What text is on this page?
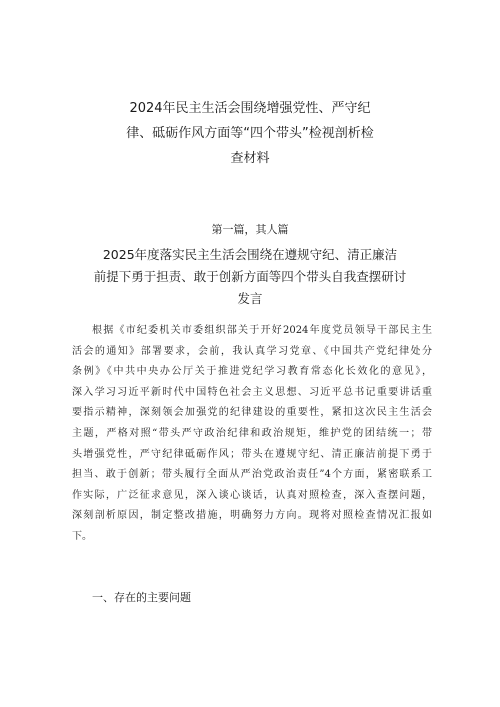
2024年民主生活会围绕增强党性、严守纪
律、砥砺作风方面等“四个带头”检视剖析检
查材料
第一篇，其人篇
2025年度落实民主生活会围绕在遵规守纪、清正廉洁
前提下勇于担责、敢于创新方面等四个带头自我查摆研讨
发言
根据《市纪委机关市委组织部关于开好2024年度党员领导干部民主生
活会的通知》部署要求，会前，我认真学习党章、《中国共产党纪律处分
条例》《中共中央办公厅关于推进党纪学习教育常态化长效化的意见》，
深入学习习近平新时代中国特色社会主义思想、习近平总书记重要讲话重
要指示精神，深刻领会加强党的纪律建设的重要性，紧扣这次民主生活会
主题，严格对照“带头严守政治纪律和政治规矩，维护党的团结统一；带
头增强党性，严守纪律砥砺作风；带头在遵规守纪、清正廉洁前提下勇于
担当、敢于创新；带头履行全面从严治党政治责任”4个方面，紧密联系工
作实际，广泛征求意见，深入谈心谈话，认真对照检查，深入查摆问题，
深刻剖析原因，制定整改措施，明确努力方向。现将对照检查情况汇报如
下。
一、存在的主要问题
